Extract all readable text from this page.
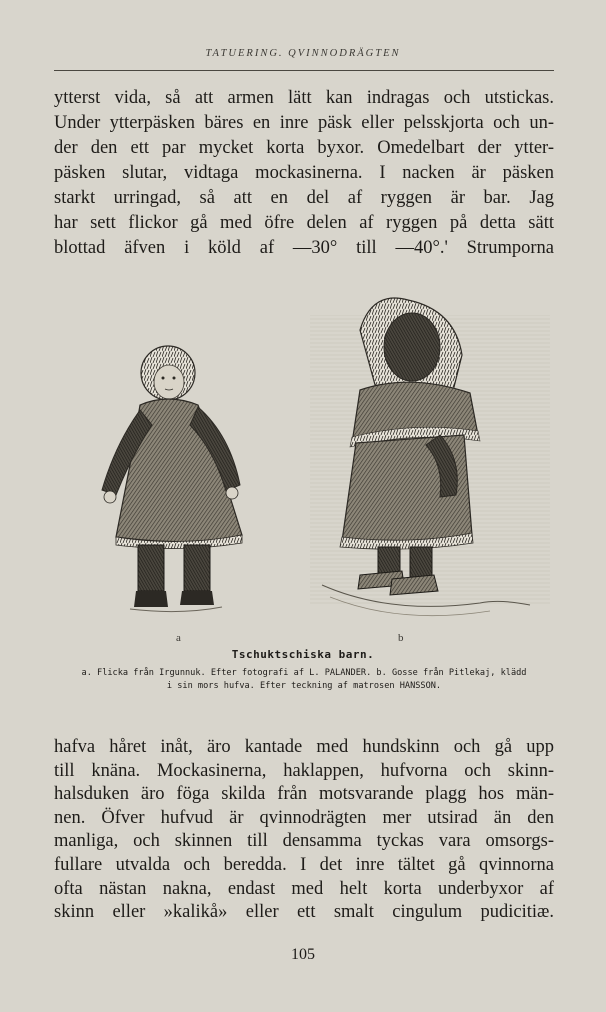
TATUERING. QVINNODRÄGTEN
ytterst vida, så att armen lätt kan indragas och utstickas.
Under ytterpäsken bäres en inre päsk eller pelsskjorta och un-
der den ett par mycket korta byxor. Omedelbart der ytter-
päsken slutar, vidtaga mockasinerna. I nacken är päsken
starkt urringad, så att en del af ryggen är bar. Jag
har sett flickor gå med öfre delen af ryggen på detta sätt
blottad äfven i köld af —30° till —40°.' Strumporna
a	b
Tschuktschiska barn.
a. Flicka från Irgunnuk. Efter fotografi af L. PALANDER. b. Gosse från Pitlekaj, klädd
i sin mors hufva. Efter teckning af matrosen HANSSON.
hafva håret inåt, äro kantade med hundskinn och gå upp
till knäna. Mockasinerna, haklappen, hufvorna och skinn-
halsduken äro föga skilda från motsvarande plagg hos män-
nen. Öfver hufvud är qvinnodrägten mer utsirad än den
manliga, och skinnen till densamma tyckas vara omsorgs-
fullare utvalda och beredda. I det inre tältet gå qvinnorna
ofta nästan nakna, endast med helt korta underbyxor af
skinn eller »kalikå» eller ett smalt cingulum pudicitiæ.
105
